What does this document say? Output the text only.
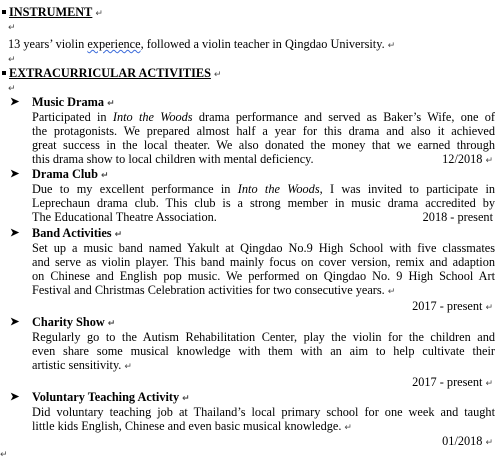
INSTRUMENT ↵
↵
13 years’ violin experience, followed a violin teacher in Qingdao University. ↵
↵
EXTRACURRICULAR ACTIVITIES ↵
↵
➤ Music Drama ↵
Participated in Into the Woods drama performance and served as Baker’s Wife, one of
the protagonists. We prepared almost half a year for this drama and also it achieved
great success in the local theater. We also donated the money that we earned through
this drama show to local children with mental deficiency.	12/2018 ↵
➤ Drama Club ↵
Due to my excellent performance in Into the Woods, I was invited to participate in
Leprechaun drama club. This club is a strong member in music drama accredited by
The Educational Theatre Association.	2018 - present
➤ Band Activities ↵
Set up a music band named Yakult at Qingdao No.9 High School with five classmates
and serve as violin player. This band mainly focus on cover version, remix and adaption
on Chinese and English pop music. We performed on Qingdao No. 9 High School Art
Festival and Christmas Celebration activities for two consecutive years. ↵
2017 - present ↵
➤ Charity Show ↵
Regularly go to the Autism Rehabilitation Center, play the violin for the children and
even share some musical knowledge with them with an aim to help cultivate their
artistic sensitivity. ↵
2017 - present ↵
➤ Voluntary Teaching Activity ↵
Did voluntary teaching job at Thailand’s local primary school for one week and taught
little kids English, Chinese and even basic musical knowledge. ↵
01/2018 ↵
↵
